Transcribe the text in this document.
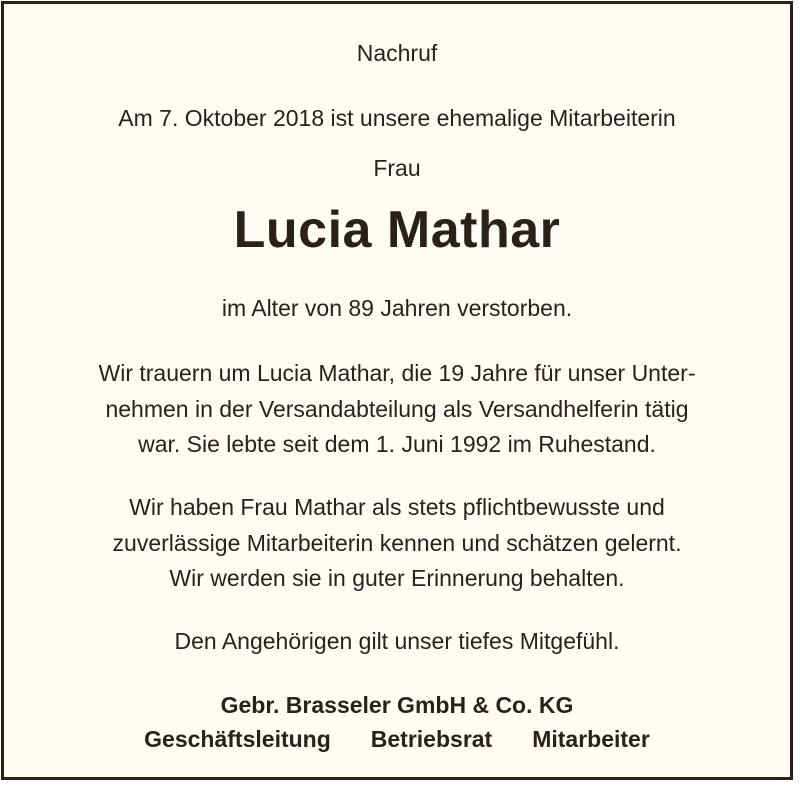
Nachruf
Am 7. Oktober 2018 ist unsere ehemalige Mitarbeiterin
Frau
Lucia Mathar
im Alter von 89 Jahren verstorben.
Wir trauern um Lucia Mathar, die 19 Jahre für unser Unter-
nehmen in der Versandabteilung als Versandhelferin tätig
war. Sie lebte seit dem 1. Juni 1992 im Ruhestand.
Wir haben Frau Mathar als stets pflichtbewusste und
zuverlässige Mitarbeiterin kennen und schätzen gelernt.
Wir werden sie in guter Erinnerung behalten.
Den Angehörigen gilt unser tiefes Mitgefühl.
Gebr. Brasseler GmbH & Co. KG
Geschäftsleitung Betriebsrat Mitarbeiter
